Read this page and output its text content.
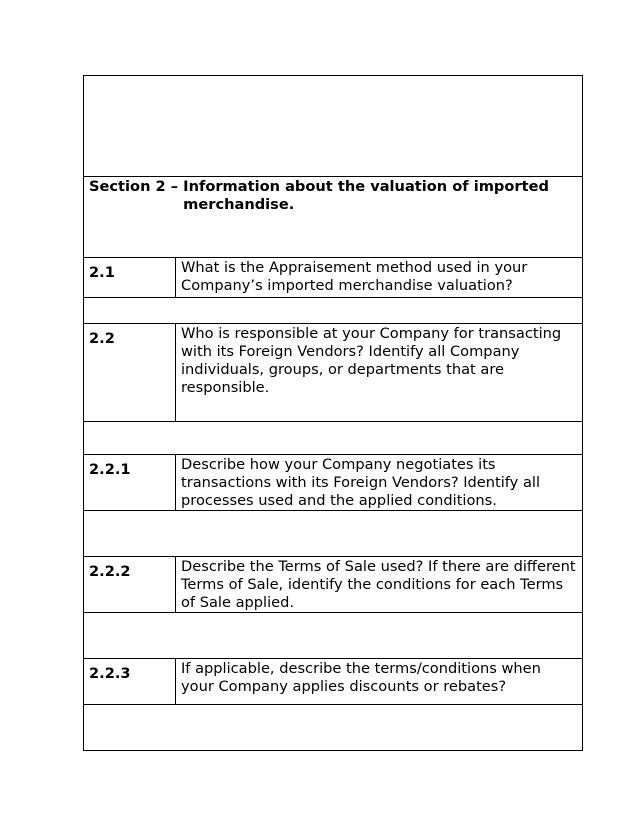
Section 2 – Information about the valuation of imported merchandise.	

2.1	What is the Appraisement method used in your Company’s imported merchandise valuation?

2.2	Who is responsible at your Company for transacting with its Foreign Vendors? Identify all Company individuals, groups, or departments that are responsible.

2.2.1	Describe how your Company negotiates its transactions with its Foreign Vendors? Identify all processes used and the applied conditions.

2.2.2	Describe the Terms of Sale used? If there are different Terms of Sale, identify the conditions for each Terms of Sale applied.

2.2.3	If applicable, describe the terms/conditions when your Company applies discounts or rebates?
